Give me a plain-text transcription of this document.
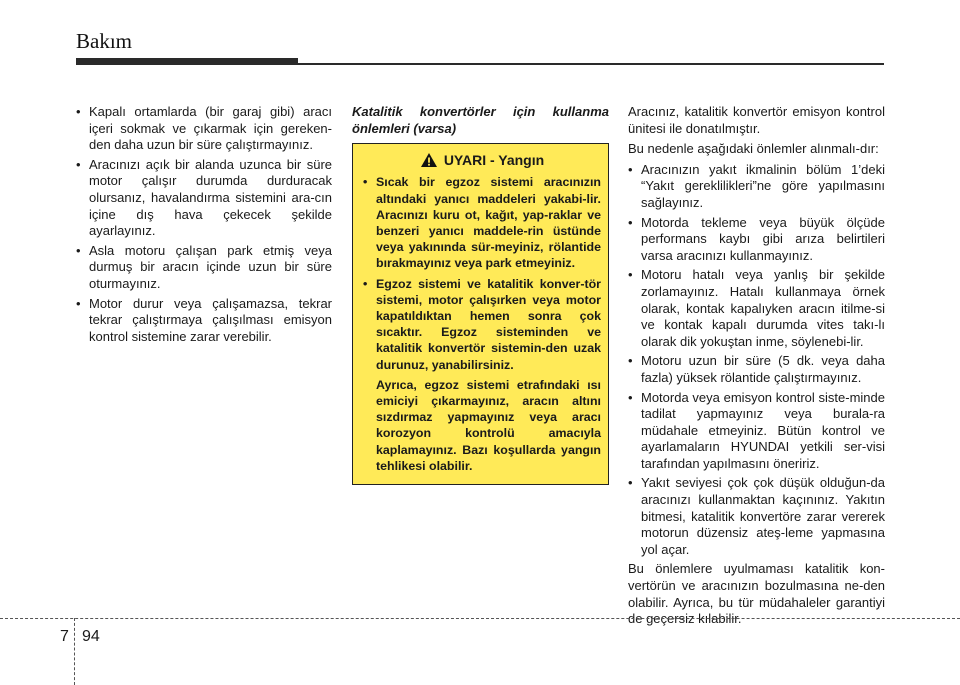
Bakım
• Kapalı ortamlarda (bir garaj gibi) aracı içeri sokmak ve çıkarmak için gereken-den daha uzun bir süre çalıştırmayınız.
• Aracınızı açık bir alanda uzunca bir süre motor çalışır durumda durduracak olursanız, havalandırma sistemini ara-cın içine dış hava çekecek şekilde ayarlayınız.
• Asla motoru çalışan park etmiş veya durmuş bir aracın içinde uzun bir süre oturmayınız.
• Motor durur veya çalışamazsa, tekrar tekrar çalıştırmaya çalışılması emisyon kontrol sistemine zarar verebilir.
Katalitik konvertörler için kullanma önlemleri (varsa)
UYARI - Yangın
• Sıcak bir egzoz sistemi aracınızın altındaki yanıcı maddeleri yakabi-lir. Aracınızı kuru ot, kağıt, yap-raklar ve benzeri yanıcı maddele-rin üstünde veya yakınında sür-meyiniz, rölantide bırakmayınız veya park etmeyiniz.
• Egzoz sistemi ve katalitik konver-tör sistemi, motor çalışırken veya motor kapatıldıktan hemen sonra çok sıcaktır. Egzoz sisteminden ve katalitik konvertör sistemin-den uzak durunuz, yanabilirsiniz.

Ayrıca, egzoz sistemi etrafındaki ısı emiciyi çıkarmayınız, aracın altını sızdırmaz yapmayınız veya aracı korozyon kontrolü amacıyla kaplamayınız. Bazı koşullarda yangın tehlikesi olabilir.

Aracınız, katalitik konvertör emisyon kontrol ünitesi ile donatılmıştır.

Bu nedenle aşağıdaki önlemler alınmalı-dır:

• Aracınızın yakıt ikmalinin bölüm 1’deki “Yakıt gereklilikleri”ne göre yapılmasını sağlayınız.
• Motorda tekleme veya büyük ölçüde performans kaybı gibi arıza belirtileri varsa aracınızı kullanmayınız.
• Motoru hatalı veya yanlış bir şekilde zorlamayınız. Hatalı kullanmaya örnek olarak, kontak kapalıyken aracın itilme-si ve kontak kapalı durumda vites takı-lı olarak dik yokuştan inme, söylenebi-lir.
• Motoru uzun bir süre (5 dk. veya daha fazla) yüksek rölantide çalıştırmayınız.
• Motorda veya emisyon kontrol siste-minde tadilat yapmayınız veya burala-ra müdahale etmeyiniz. Bütün kontrol ve ayarlamaların HYUNDAI yetkili ser-visi tarafından yapılmasını öneririz.
• Yakıt seviyesi çok çok düşük olduğun-da aracınızı kullanmaktan kaçınınız. Yakıtın bitmesi, katalitik konvertöre zarar vererek motorun düzensiz ateş-leme yapmasına yol açar.

Bu önlemlere uyulmaması katalitik kon-vertörün ve aracınızın bozulmasına ne-den olabilir. Ayrıca, bu tür müdahaleler garantiyi de geçersiz kılabilir.

7 94
